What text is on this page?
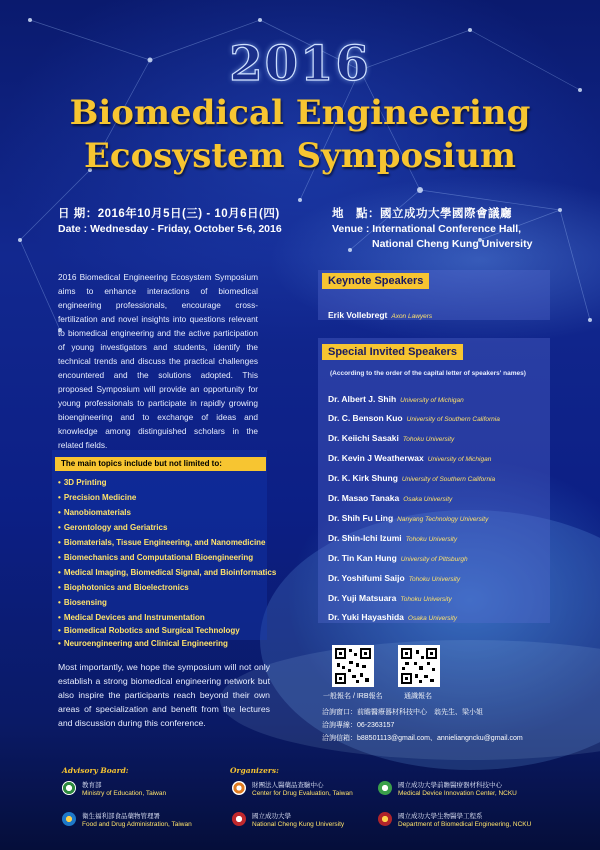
2016
Biomedical Engineering
Ecosystem Symposium
日 期：2016年10月5日(三) - 10月6日(四)
Date : Wednesday - Friday, October 5-6, 2016
地　點：國立成功大學國際會議廳
Venue : International Conference Hall,
National Cheng Kung University
2016 Biomedical Engineering Ecosystem Symposium aims to enhance interactions of biomedical engineering professionals, encourage cross-fertilization and novel insights into questions relevant to biomedical engineering and the active participation of young investigators and students, identify the technical trends and discuss the practical challenges encountered and the solutions adopted. This proposed Symposium will provide an opportunity for young professionals to participate in rapidly growing bioengineering and to exchange of ideas and knowledge among distinguished scholars in the related fields.
The main topics include but not limited to:
• 3D Printing
• Precision Medicine
• Nanobiomaterials
• Gerontology and Geriatrics
• Biomaterials, Tissue Engineering, and Nanomedicine
• Biomechanics and Computational Bioengineering
• Medical Imaging, Biomedical Signal, and Bioinformatics
• Biophotonics and Bioelectronics
• Biosensing
• Medical Devices and Instrumentation
• Biomedical Robotics and Surgical Technology
• Neuroengineering and Clinical Engineering
Most importantly, we hope the symposium will not only establish a strong biomedical engineering network but also inspire the participants reach beyond their own areas of specialization and benefit from the lectures and discussion during this conference.
Keynote Speakers
Erik Vollebregt Axon Lawyers
Special Invited Speakers
(According to the order of the capital letter of speakers' names)
Dr. Albert J. Shih University of Michigan
Dr. C. Benson Kuo University of Southern California
Dr. Keiichi Sasaki Tohoku University
Dr. Kevin J Weatherwax University of Michigan
Dr. K. Kirk Shung University of Southern California
Dr. Masao Tanaka Osaka University
Dr. Shih Fu Ling Nanyang Technology University
Dr. Shin-Ichi Izumi Tohoku University
Dr. Tin Kan Hung University of Pittsburgh
Dr. Yoshifumi Saijo Tohoku University
Dr. Yuji Matsuara Tohoku University
Dr. Yuki Hayashida Osaka University
一般報名 / IRB報名	通識報名
洽詢窗口：前瞻醫療器材科技中心　翁先生、梁小姐
洽詢專線：06-2363157
洽詢信箱：b88501113@gmail.com、annieliangncku@gmail.com
Advisory Board:
教育部
Ministry of Education, Taiwan
衛生福利部食品藥物管理署
Food and Drug Administration, Taiwan
Organizers:
財團法人醫藥品查驗中心
Center for Drug Evaluation, Taiwan
國立成功大學前瞻醫療器材科技中心
Medical Device Innovation Center, NCKU
國立成功大學
National Cheng Kung University
國立成功大學生物醫學工程系
Department of Biomedical Engineering, NCKU
